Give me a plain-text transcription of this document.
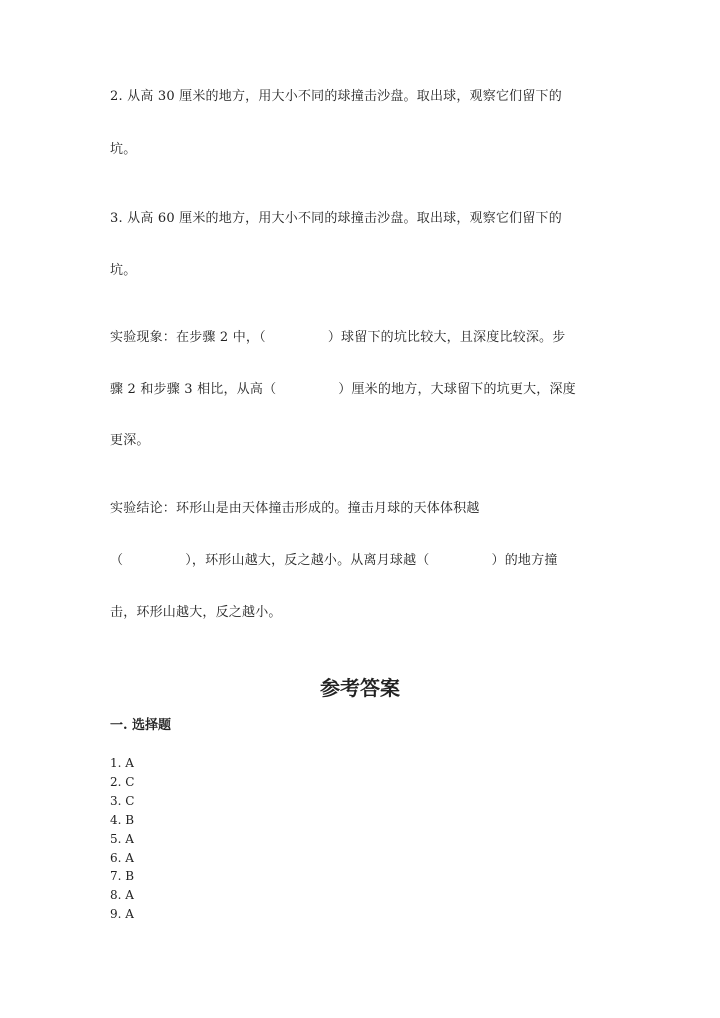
2. 从高 30 厘米的地方，用大小不同的球撞击沙盘。取出球，观察它们留下的
坑。
3. 从高 60 厘米的地方，用大小不同的球撞击沙盘。取出球，观察它们留下的
坑。
实验现象：在步骤 2 中，（	）球留下的坑比较大，且深度比较深。步
骤 2 和步骤 3 相比，从高（	）厘米的地方，大球留下的坑更大，深度
更深。
实验结论：环形山是由天体撞击形成的。撞击月球的天体体积越
（	），环形山越大，反之越小。从离月球越（	）的地方撞
击，环形山越大，反之越小。
参考答案
一. 选择题
1. A
2. C
3. C
4. B
5. A
6. A
7. B
8. A
9. A
